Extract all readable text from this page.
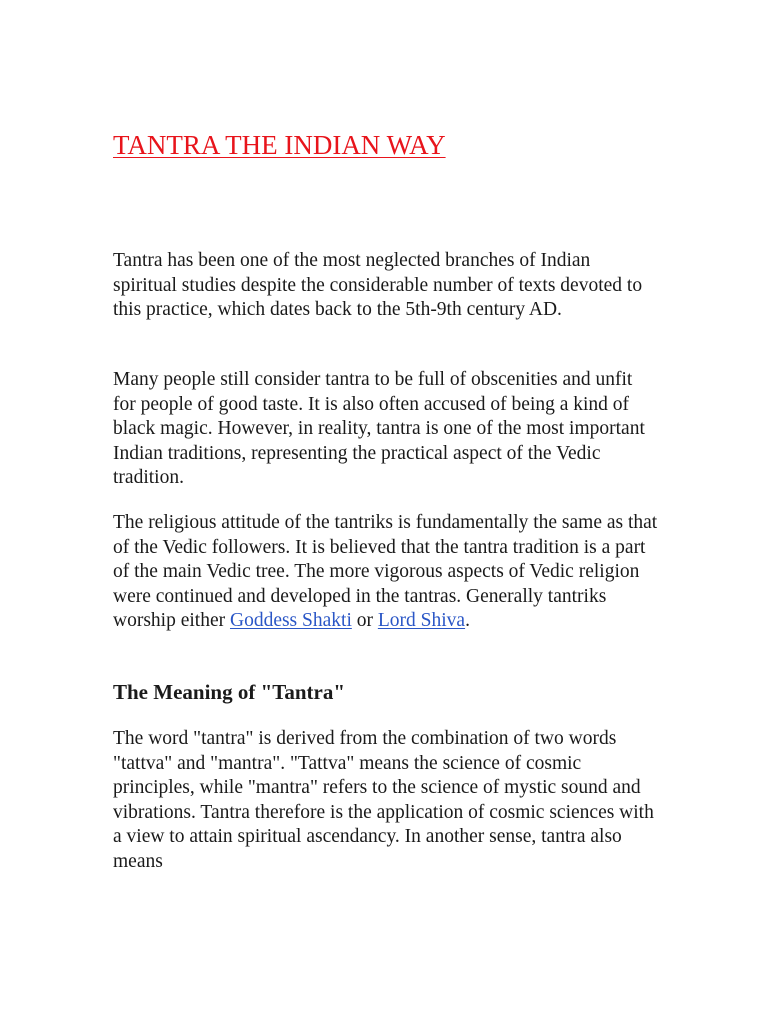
TANTRA THE INDIAN WAY

Tantra has been one of the most neglected branches of Indian spiritual studies despite the considerable number of texts devoted to this practice, which dates back to the 5th-9th century AD.

Many people still consider tantra to be full of obscenities and unfit for people of good taste. It is also often accused of being a kind of black magic. However, in reality, tantra is one of the most important Indian traditions, representing the practical aspect of the Vedic tradition.

The religious attitude of the tantriks is fundamentally the same as that of the Vedic followers. It is believed that the tantra tradition is a part of the main Vedic tree. The more vigorous aspects of Vedic religion were continued and developed in the tantras. Generally tantriks worship either Goddess Shakti or Lord Shiva.

The Meaning of "Tantra"

The word "tantra" is derived from the combination of two words "tattva" and "mantra". "Tattva" means the science of cosmic principles, while "mantra" refers to the science of mystic sound and vibrations. Tantra therefore is the application of cosmic sciences with a view to attain spiritual ascendancy. In another sense, tantra also means
